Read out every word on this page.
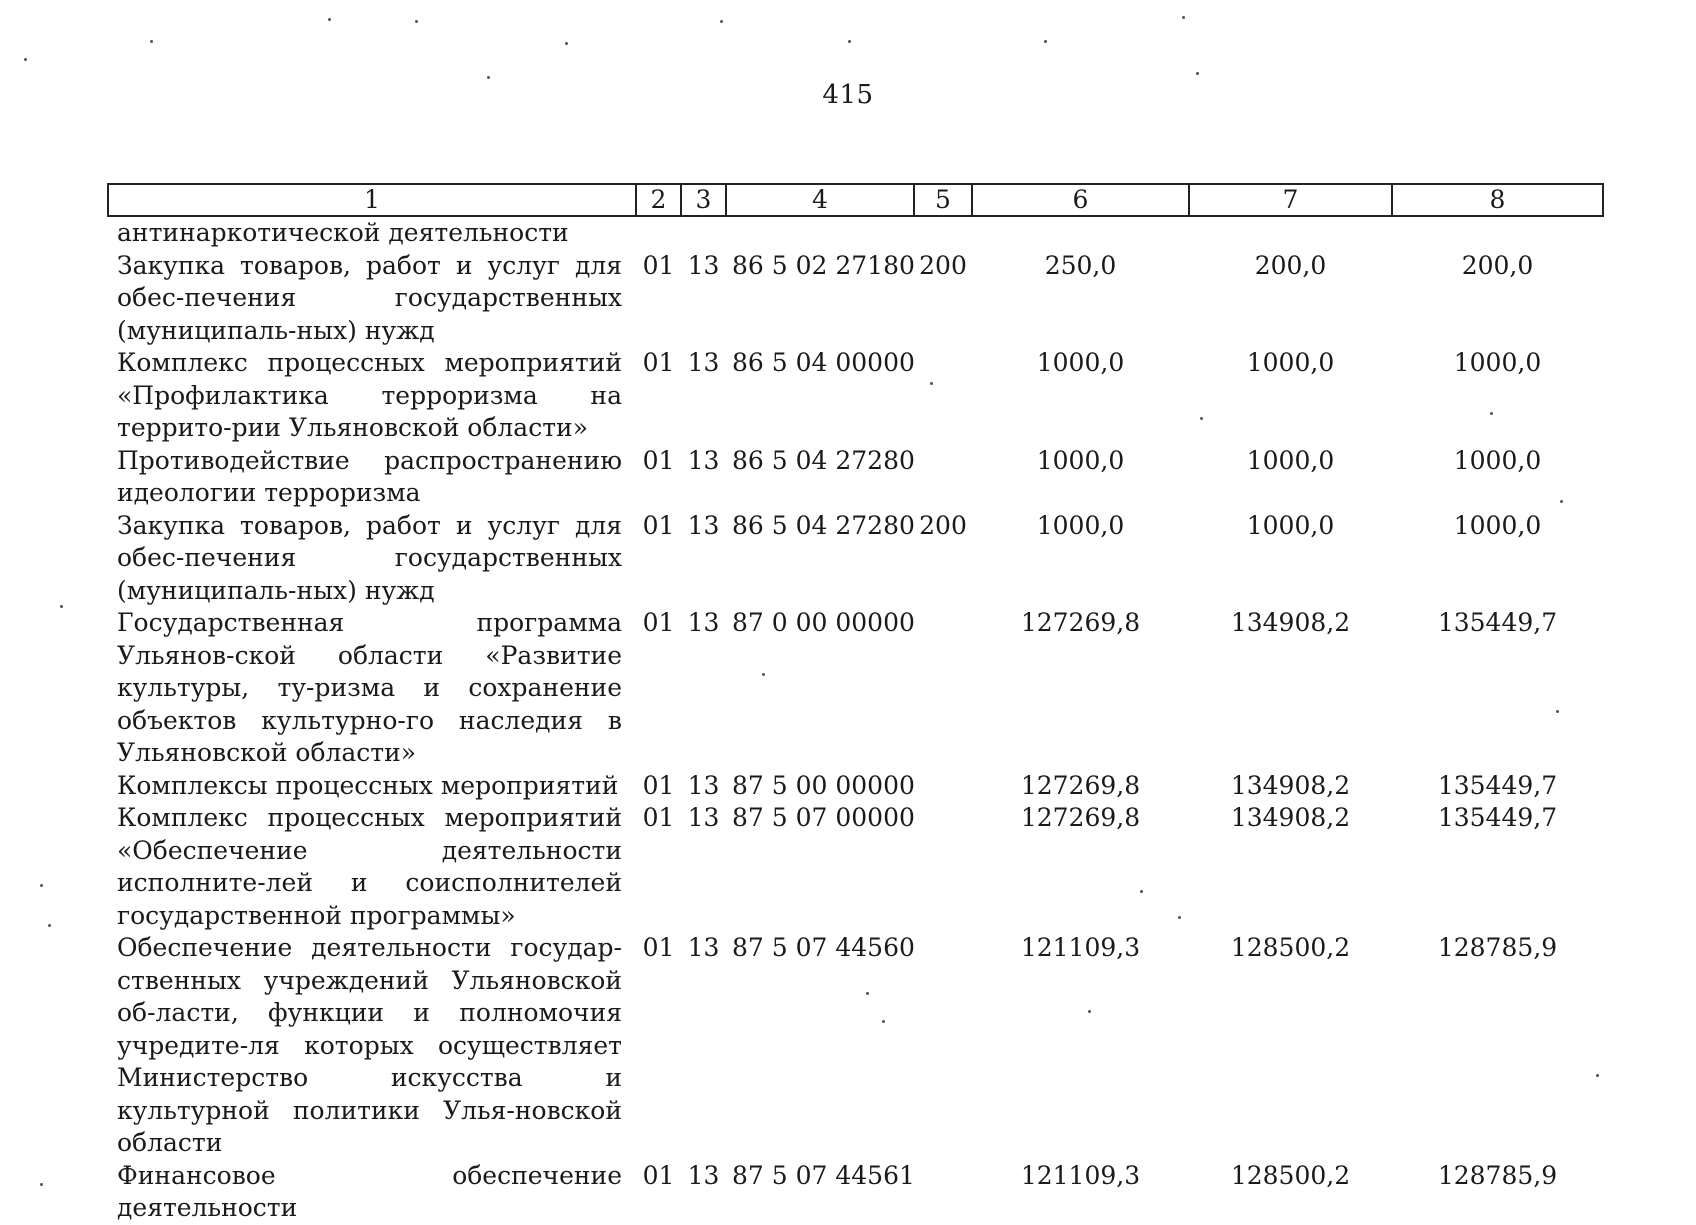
415
1	2	3	4	5	6	7	8
антинаркотической деятельности							
Закупка товаров, работ и услуг для обес-печения государственных (муниципаль-ных) нужд	01	13	86 5 02 27180	200	250,0	200,0	200,0
Комплекс процессных мероприятий «Профилактика терроризма на террито-рии Ульяновской области»	01	13	86 5 04 00000		1000,0	1000,0	1000,0
Противодействие распространению идеологии терроризма	01	13	86 5 04 27280		1000,0	1000,0	1000,0
Закупка товаров, работ и услуг для обес-печения государственных (муниципаль-ных) нужд	01	13	86 5 04 27280	200	1000,0	1000,0	1000,0
Государственная программа Ульянов-ской области «Развитие культуры, ту-ризма и сохранение объектов культурно-го наследия в Ульяновской области»	01	13	87 0 00 00000		127269,8	134908,2	135449,7
Комплексы процессных мероприятий	01	13	87 5 00 00000		127269,8	134908,2	135449,7
Комплекс процессных мероприятий «Обеспечение деятельности исполните-лей и соисполнителей государственной программы»	01	13	87 5 07 00000		127269,8	134908,2	135449,7
Обеспечение деятельности государ-ственных учреждений Ульяновской об-ласти, функции и полномочия учредите-ля которых осуществляет Министерство искусства и культурной политики Улья-новской области	01	13	87 5 07 44560		121109,3	128500,2	128785,9
Финансовое обеспечение деятельности	01	13	87 5 07 44561		121109,3	128500,2	128785,9
